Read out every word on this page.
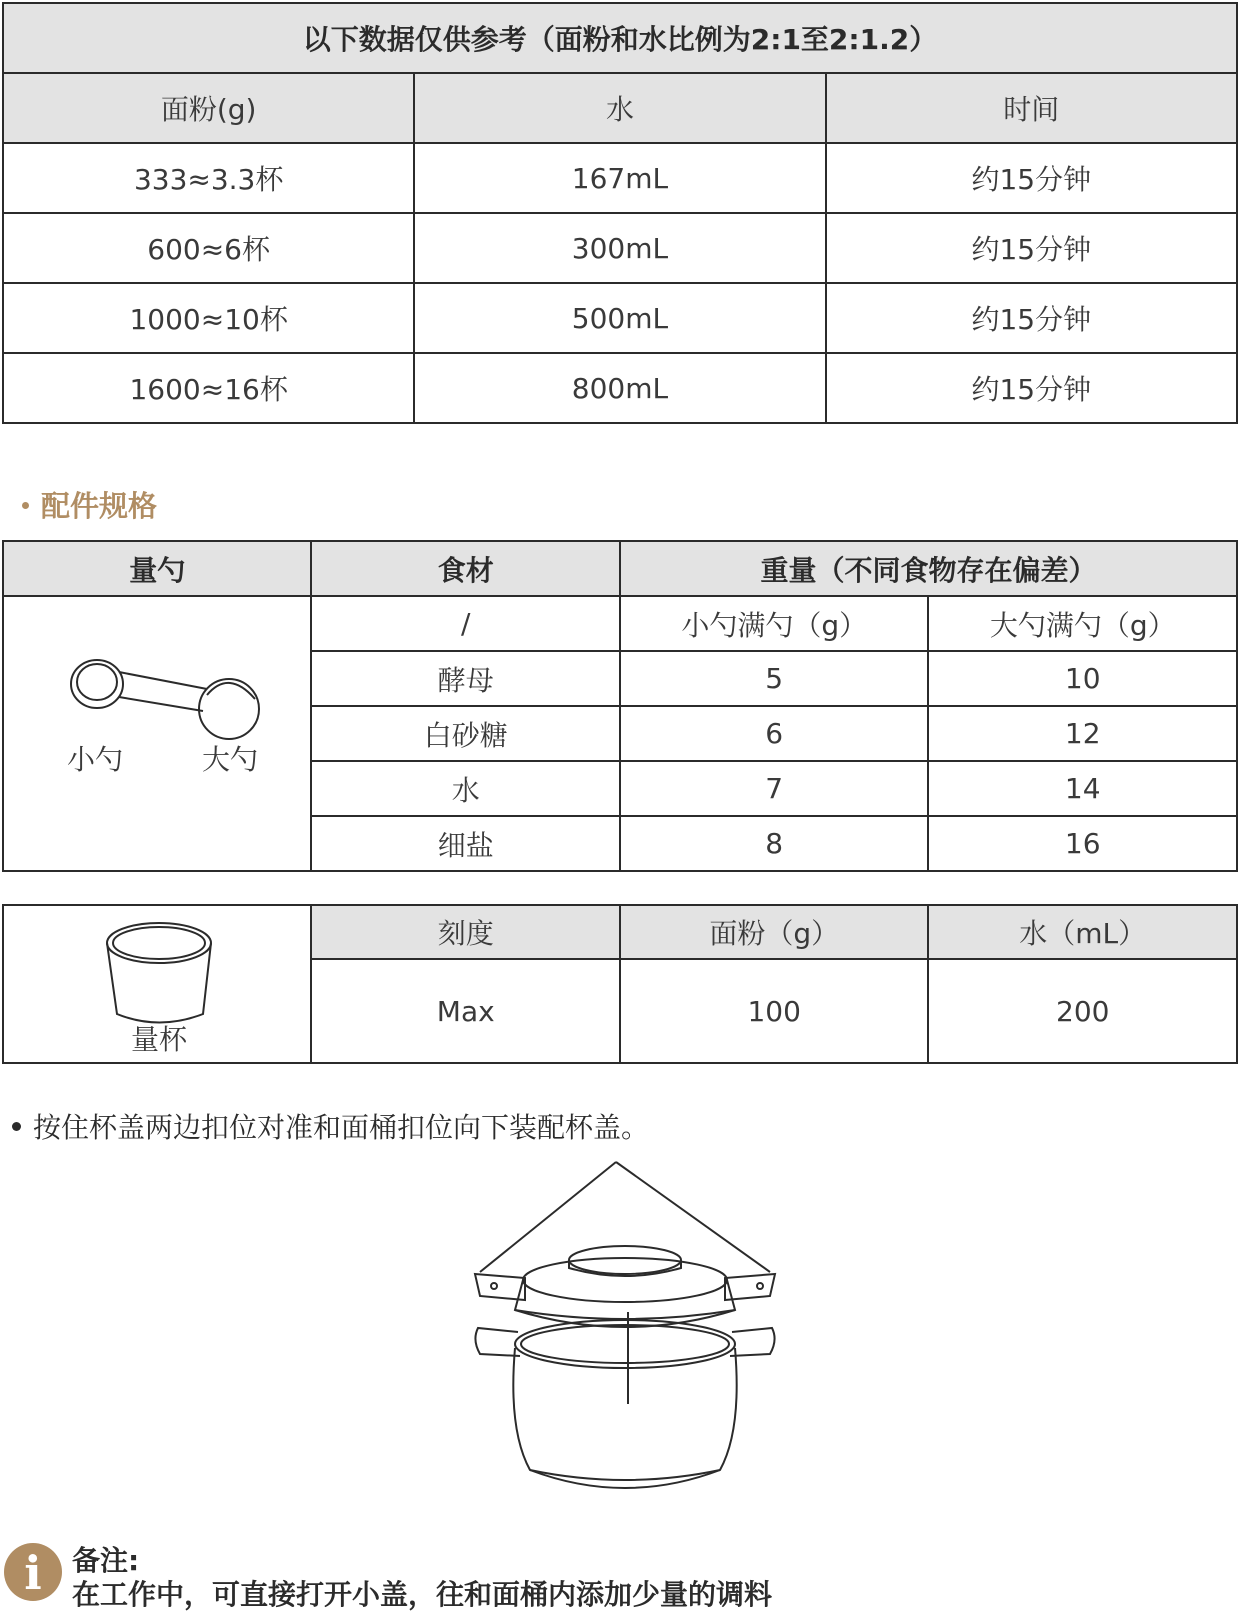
以下数据仅供参考（面粉和水比例为2:1至2:1.2）		
面粉(g)	水	时间
333≈3.3杯	167mL	约15分钟
600≈6杯	300mL	约15分钟
1000≈10杯	500mL	约15分钟
1600≈16杯	800mL	约15分钟
配件规格
量勺	食材	重量（不同食物存在偏差）	

小勺 大勺	/	小勺满勺（g）	大勺满勺（g）
	酵母	5	10
	白砂糖	6	12
	水	7	14
	细盐	8	16
量杯	刻度	面粉（g）	水（mL）
	Max	100	200
按住杯盖两边扣位对准和面桶扣位向下装配杯盖。
i	备注:
在工作中，可直接打开小盖，往和面桶内添加少量的调料
